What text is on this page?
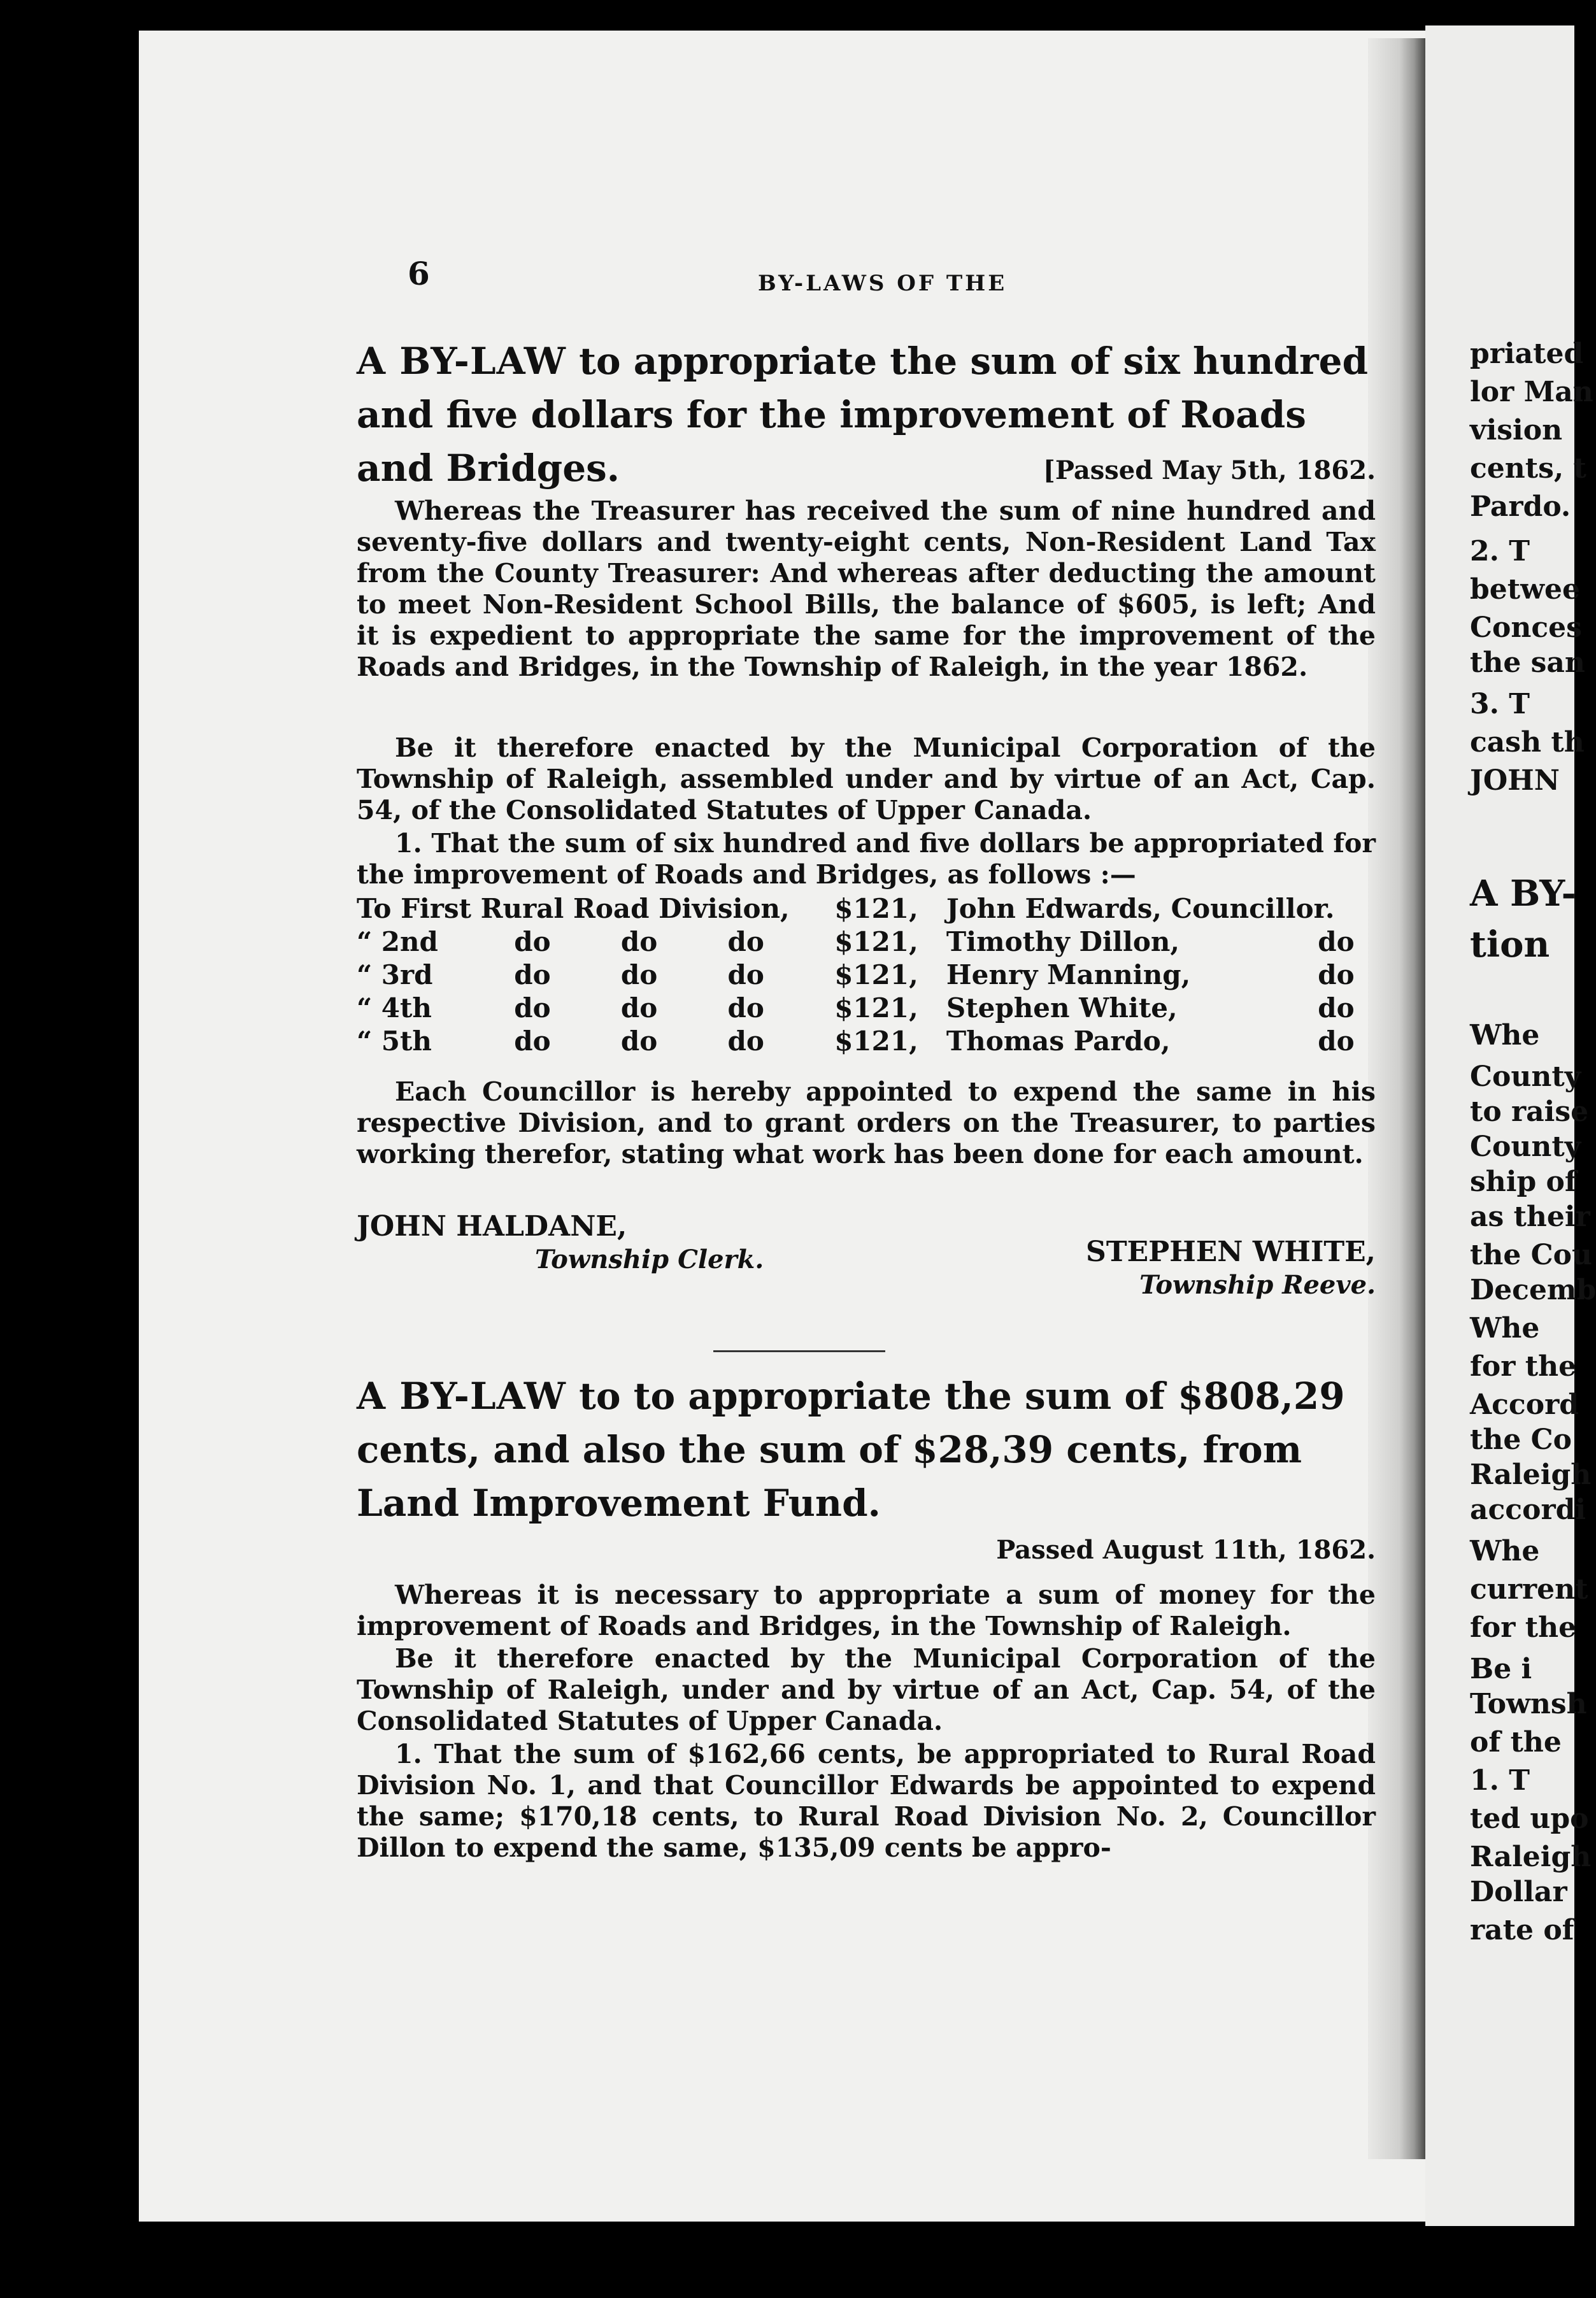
priated
lor Man
vision
cents, t
Pardo.
2. T
betwee
Conces
the san
3. T
cash th
JOHN
A BY-
tion
Whe
County
to raise
County
ship of
as their
the Cou
Decemb
Whe
for the
Accord
the Co
Raleigh
accordi
Whe
current
for the
Be i
Townsh
of the
1. T
ted upo
Raleigh
Dollar
rate of
6	BY-LAWS OF THE
A BY-LAW to appropriate the sum of six hundred and five dollars for the improvement of Roads and Bridges.	[Passed May 5th, 1862.
Whereas the Treasurer has received the sum of nine hundred and seventy-five dollars and twenty-eight cents, Non-Resident Land Tax from the County Treasurer: And whereas after deducting the amount to meet Non-Resident School Bills, the balance of $605, is left; And it is expedient to appropriate the same for the improvement of the Roads and Bridges, in the Township of Raleigh, in the year 1862.
Be it therefore enacted by the Municipal Corporation of the Township of Raleigh, assembled under and by virtue of an Act, Cap. 54, of the Consolidated Statutes of Upper Canada.
1. That the sum of six hundred and five dollars be appropriated for the improvement of Roads and Bridges, as follows :—
To First Rural Road Division,				$121,	John Edwards, Councillor.	
“ 2nd	do	do	do	$121,	Timothy Dillon,	do
“ 3rd	do	do	do	$121,	Henry Manning,	do
“ 4th	do	do	do	$121,	Stephen White,	do
“ 5th	do	do	do	$121,	Thomas Pardo,	do
Each Councillor is hereby appointed to expend the same in his respective Division, and to grant orders on the Treasurer, to parties working therefor, stating what work has been done for each amount.
JOHN HALDANE,
Township Clerk.	STEPHEN WHITE,
Township Reeve.
A BY-LAW to to appropriate the sum of $808,29 cents, and also the sum of $28,39 cents, from Land Improvement Fund.
Passed August 11th, 1862.
Whereas it is necessary to appropriate a sum of money for the improvement of Roads and Bridges, in the Township of Raleigh.
Be it therefore enacted by the Municipal Corporation of the Township of Raleigh, under and by virtue of an Act, Cap. 54, of the Consolidated Statutes of Upper Canada.
1. That the sum of $162,66 cents, be appropriated to Rural Road Division No. 1, and that Councillor Edwards be appointed to expend the same; $170,18 cents, to Rural Road Division No. 2, Councillor Dillon to expend the same, $135,09 cents be appro-
